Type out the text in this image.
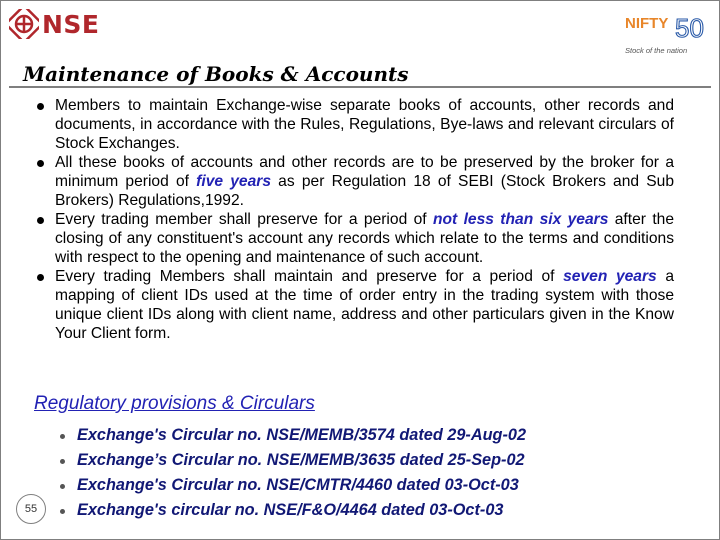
NSE	NIFTY 50
Stock of the nation
Maintenance of Books & Accounts
Members to maintain Exchange-wise separate books of accounts, other records and documents, in accordance with the Rules, Regulations, Bye-laws and relevant circulars of Stock Exchanges.
All these books of accounts and other records are to be preserved by the broker for a minimum period of five years as per Regulation 18 of SEBI (Stock Brokers and Sub Brokers) Regulations,1992.
Every trading member shall preserve for a period of not less than six years after the closing of any constituent's account any records which relate to the terms and conditions with respect to the opening and maintenance of such account.
Every trading Members shall maintain and preserve for a period of seven years a mapping of client IDs used at the time of order entry in the trading system with those unique client IDs along with client name, address and other particulars given in the Know Your Client form.
Regulatory provisions & Circulars
Exchange's Circular no. NSE/MEMB/3574 dated 29-Aug-02
Exchange’s Circular no. NSE/MEMB/3635 dated 25-Sep-02
Exchange's Circular no. NSE/CMTR/4460 dated 03-Oct-03
Exchange's circular no. NSE/F&O/4464 dated 03-Oct-03
55
